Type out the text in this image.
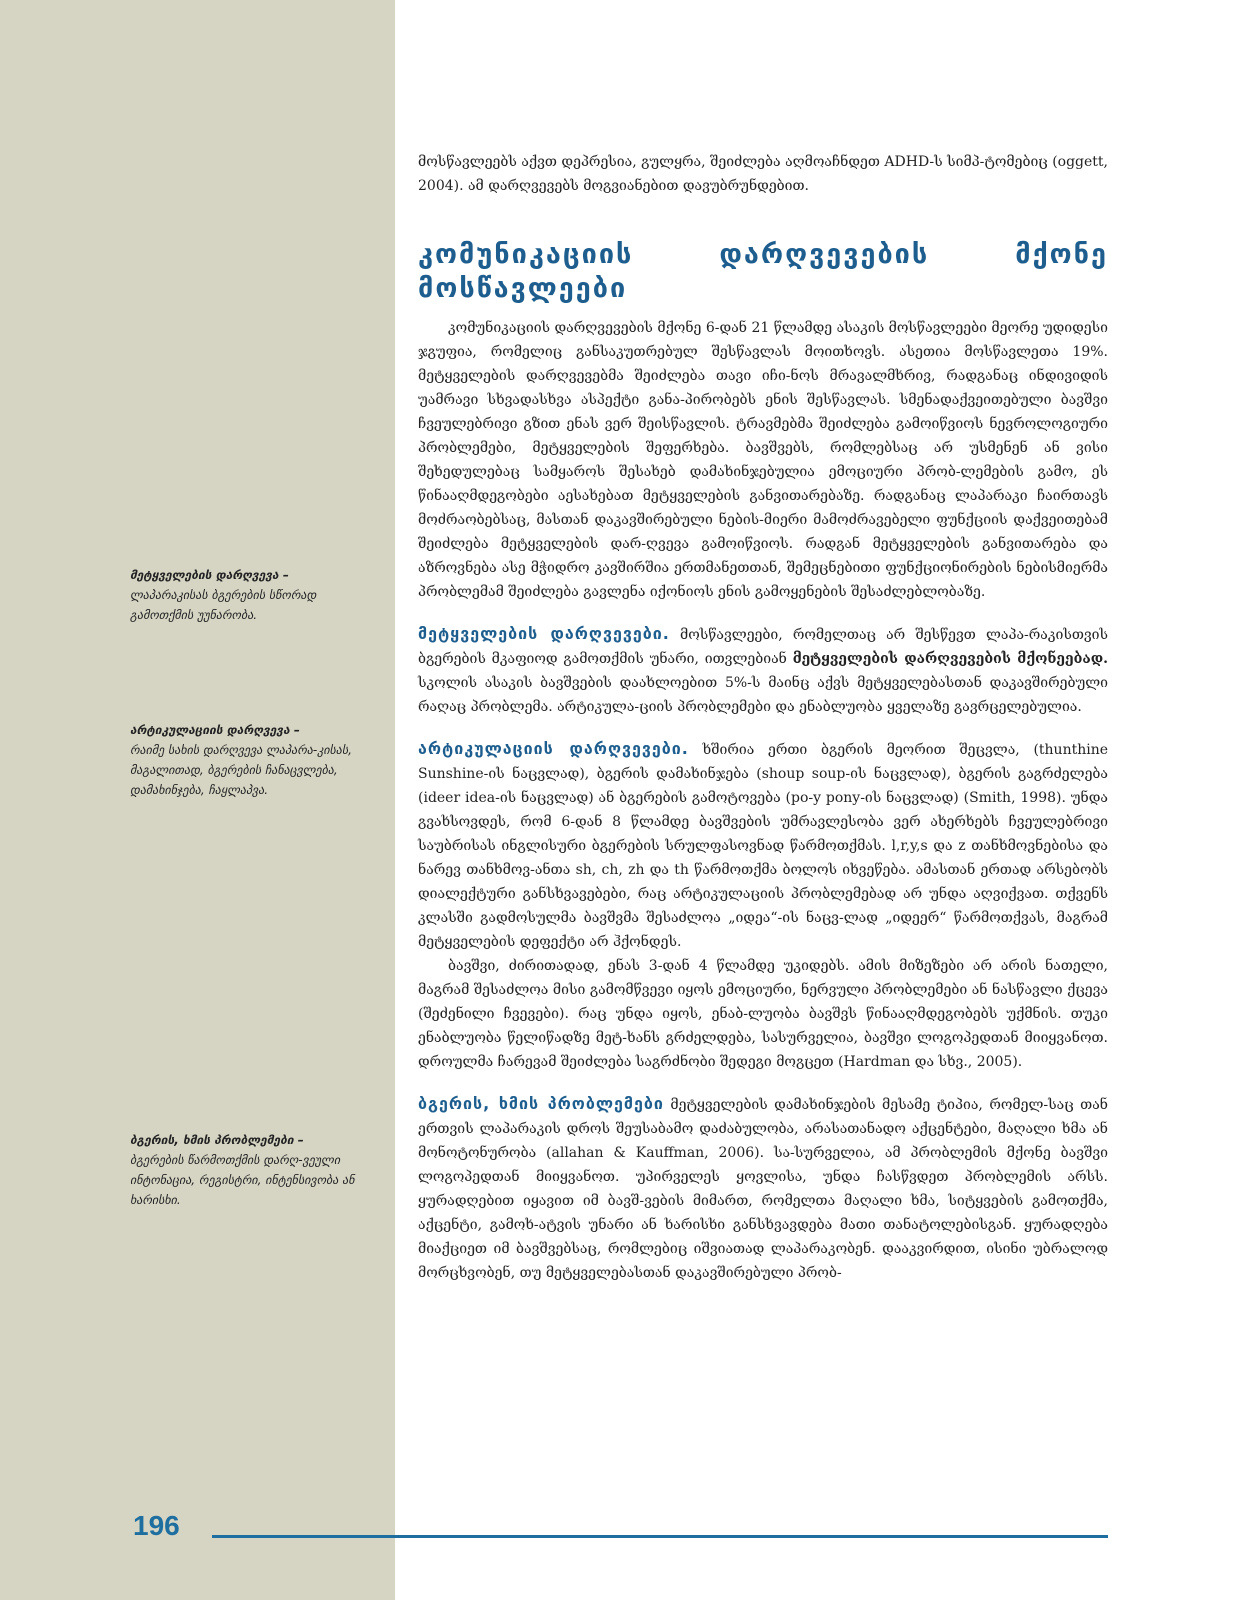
მეტყველების დარღვევა –
ლაპარაკისას ბგერების სწორად გამოთქმის უუნარობა.
არტიკულაციის დარღვევა –
რაიმე სახის დარღვევა ლაპარა-კისას, მაგალითად, ბგერების ჩანაცვლება, დამახინჯება, ჩაყლაპვა.
ბგერის, ხმის პრობლემები –
ბგერების წარმოთქმის დარღ-ვეული ინტონაცია, რეგისტრი, ინტენსივობა ან ხარისხი.

მოსწავლეებს აქვთ დეპრესია, გულყრა, შეიძლება აღმოაჩნდეთ ADHD-ს სიმპ-ტომებიც (oggett, 2004). ამ დარღვევებს მოგვიანებით დავუბრუნდებით.

კომუნიკაციის დარღვევების მქონე მოსწავლეები

კომუნიკაციის დარღვევების მქონე 6-დან 21 წლამდე ასაკის მოსწავლეები მეორე უდიდესი ჯგუფია, რომელიც განსაკუთრებულ შესწავლას მოითხოვს. ასეთია მოსწავლეთა 19%. მეტყველების დარღვევებმა შეიძლება თავი იჩი-ნოს მრავალმხრივ, რადგანაც ინდივიდის უამრავი სხვადასხვა ასპექტი განა-პირობებს ენის შესწავლას. სმენადაქვეითებული ბავშვი ჩვეულებრივი გზით ენას ვერ შეისწავლის. ტრავმებმა შეიძლება გამოიწვიოს ნევროლოგიური პრობლემები, მეტყველების შეფერხება. ბავშვებს, რომლებსაც არ უსმენენ ან ვისი შეხედულებაც სამყაროს შესახებ დამახინჯებულია ემოციური პრობ-ლემების გამო, ეს წინააღმდეგობები აესახებათ მეტყველების განვითარებაზე. რადგანაც ლაპარაკი ჩაირთავს მოძრაობებსაც, მასთან დაკავშირებული ნების-მიერი მამოძრავებელი ფუნქციის დაქვეითებამ შეიძლება მეტყველების დარ-ღვევა გამოიწვიოს. რადგან მეტყველების განვითარება და აზროვნება ასე მჭიდრო კავშირშია ერთმანეთთან, შემეცნებითი ფუნქციონირების ნებისმიერმა პრობლემამ შეიძლება გავლენა იქონიოს ენის გამოყენების შესაძლებლობაზე.

მეტყველების დარღვევები. მოსწავლეები, რომელთაც არ შესწევთ ლაპა-რაკისთვის ბგერების მკაფიოდ გამოთქმის უნარი, ითვლებიან მეტყველების დარღვევების მქონეებად. სკოლის ასაკის ბავშვების დაახლოებით 5%-ს მაინც აქვს მეტყველებასთან დაკავშირებული რაღაც პრობლემა. არტიკულა-ციის პრობლემები და ენაბლუობა ყველაზე გავრცელებულია.

არტიკულაციის დარღვევები. ხშირია ერთი ბგერის მეორით შეცვლა, (thunthine Sunshine-ის ნაცვლად), ბგერის დამახინჯება (shoup soup-ის ნაცვლად), ბგერის გაგრძელება (ideer idea-ის ნაცვლად) ან ბგერების გამოტოვება (po-y pony-ის ნაცვლად) (Smith, 1998). უნდა გვახსოვდეს, რომ 6-დან 8 წლამდე ბავშვების უმრავლესობა ვერ ახერხებს ჩვეულებრივი საუბრისას ინგლისური ბგერების სრულფასოვნად წარმოთქმას. l,r,y,s და z თანხმოვნებისა და ნარევ თანხმოვ-ანთა sh, ch, zh და th წარმოთქმა ბოლოს იხვეწება. ამასთან ერთად არსებობს დიალექტური განსხვავებები, რაც არტიკულაციის პრობლემებად არ უნდა აღვიქვათ. თქვენს კლასში გადმოსულმა ბავშვმა შესაძლოა „იდეა“-ის ნაცვ-ლად „იდეერ“ წარმოთქვას, მაგრამ მეტყველების დეფექტი არ ჰქონდეს.

ბავშვი, ძირითადად, ენას 3-დან 4 წლამდე უკიდებს. ამის მიზეზები არ არის ნათელი, მაგრამ შესაძლოა მისი გამომწვევი იყოს ემოციური, ნერვული პრობლემები ან ნასწავლი ქცევა (შეძენილი ჩვევები). რაც უნდა იყოს, ენაბ-ლუობა ბავშვს წინააღმდეგობებს უქმნის. თუკი ენაბლუობა წელიწადზე მეტ-ხანს გრძელდება, სასურველია, ბავშვი ლოგოპედთან მიიყვანოთ. დროულმა ჩარევამ შეიძლება საგრძნობი შედეგი მოგცეთ (Hardman და სხვ., 2005).

ბგერის, ხმის პრობლემები მეტყველების დამახინჯების მესამე ტიპია, რომელ-საც თან ერთვის ლაპარაკის დროს შეუსაბამო დაძაბულობა, არასათანადო აქცენტები, მაღალი ხმა ან მონოტონურობა (allahan & Kauffman, 2006). სა-სურველია, ამ პრობლემის მქონე ბავშვი ლოგოპედთან მიიყვანოთ. უპირველეს ყოვლისა, უნდა ჩასწვდეთ პრობლემის არსს. ყურადღებით იყავით იმ ბავშ-ვების მიმართ, რომელთა მაღალი ხმა, სიტყვების გამოთქმა, აქცენტი, გამოხ-ატვის უნარი ან ხარისხი განსხვავდება მათი თანატოლებისგან. ყურადღება მიაქციეთ იმ ბავშვებსაც, რომლებიც იშვიათად ლაპარაკობენ. დააკვირდით, ისინი უბრალოდ მორცხვობენ, თუ მეტყველებასთან დაკავშირებული პრობ-

196
